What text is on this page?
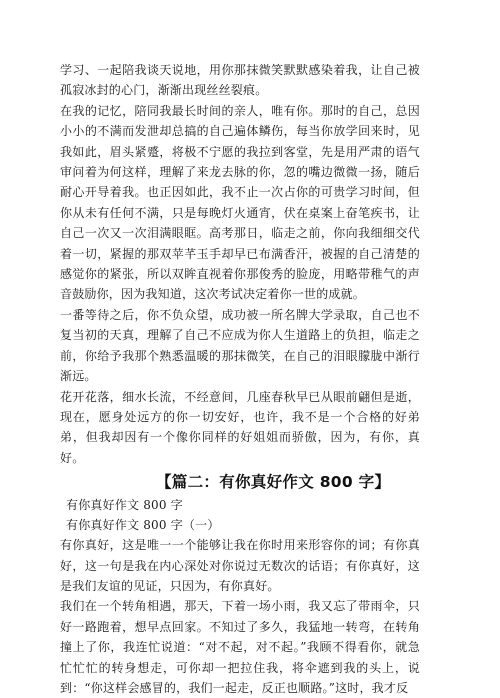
学习、一起陪我谈天说地，用你那抹微笑默默感染着我，让自己被孤寂冰封的心门，渐渐出现丝丝裂痕。

在我的记忆，陪同我最长时间的亲人，唯有你。那时的自己，总因小小的不满而发泄却总搞的自己遍体鳞伤，每当你放学回来时，见我如此，眉头紧蹙，将极不宁愿的我拉到客堂，先是用严肃的语气审问着为何这样，理解了来龙去脉的你，忽的嘴边微微一扬，随后耐心开导着我。也正因如此，我不止一次占你的可贵学习时间，但你从未有任何不满，只是每晚灯火通宵，伏在桌案上奋笔疾书，让自己一次又一次泪满眼眶。高考那日，临走之前，你向我细细交代着一切，紧握的那双苹芊玉手却早已布满香汗，被握的自己清楚的感觉你的紧张，所以双眸直视着你那俊秀的脸庞，用略带稚气的声音鼓励你，因为我知道，这次考试决定着你一世的成就。

一番等待之后，你不负众望，成功被一所名牌大学录取，自己也不复当初的天真，理解了自己不应成为你人生道路上的负担，临走之前，你给予我那个熟悉温暖的那抹微笑，在自己的泪眼朦胧中渐行渐远。

花开花落，细水长流，不经意间，几座春秋早已从眼前翩但是逝，现在，愿身处远方的你一切安好，也许，我不是一个合格的好弟弟，但我却因有一个像你同样的好姐姐而骄傲，因为，有你，真好。

【篇二：有你真好作文 800 字】

有你真好作文 800 字

有你真好作文 800 字（一）

有你真好，这是唯一一个能够让我在你时用来形容你的词；有你真好，这一句是我在内心深处对你说过无数次的话语；有你真好，这是我们友谊的见证，只因为，有你真好。

我们在一个转角相遇，那天，下着一场小雨，我又忘了带雨伞，只好一路跑着，想早点回家。不知过了多久，我猛地一转弯，在转角撞上了你，我连忙说道：“对不起，对不起。”我顾不得看你，就急忙忙忙的转身想走，可你却一把拉住我，将伞遮到我的头上，说到：“你这样会感冒的，我们一起走，反正也顺路。”这时，我才反
